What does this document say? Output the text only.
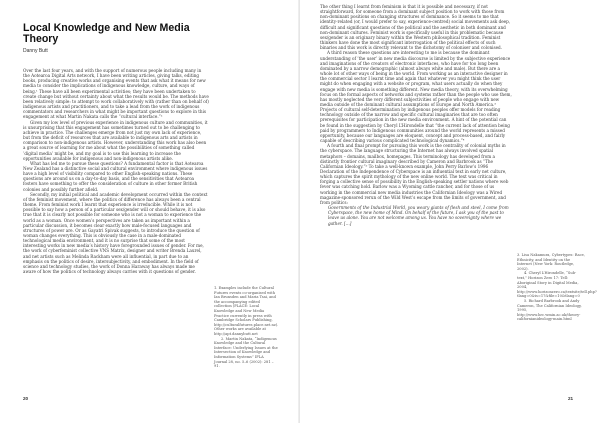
Local Knowledge and New Media Theory
Danny Butt

Over the last four years, and with the support of numerous people including many in the Aotearoa Digital Arts network, I have been writing articles, giving talks, editing books, producing creative works and organising events that ask what it means for new media to consider the implications of indigenous knowledge, culture, and ways of being.¹ These have all been experimental activities; they have been undertaken to create change but without certainty about what the results would be. The methods have been relatively simple: to attempt to work collaboratively with (rather than on behalf of) indigenous artists and practitioners, and to take a lead from the work of indigenous commentators and researchers in what might be important questions to explore in this engagement at what Martin Nakata calls the “cultural interface.”²

Given my low level of previous experience in indigenous culture and communities, it is unsurprising that this engagement has sometimes turned out to be challenging to achieve in practice. The challenges emerge from not just my own lack of experience, but from the deficit of resources that are available to indigenous arts and artists in comparison to non-indigenous artists. However, understanding this work has also been a great source of learning for me about what the possibilities of something called ‘digital media’ might be, and my goal is to use this learning to increase the opportunities available for indigenous and non-indigenous artists alike.

What has led me to pursue these questions? A fundamental factor is that Aotearoa New Zealand has a distinctive social and cultural environment where indigenous issues have a high level of visibility compared to other English-speaking nations. These questions are around us on a day-to-day basis, and the sensitivities that Aotearoa fosters have something to offer the consideration of culture in other former British colonies and possibly further afield.

Secondly, my initial political and academic development occurred within the context of the feminist movement, where the politics of difference has always been a central theme. From feminist work I learnt that experience is irreducible. While it is not possible to say how a person of a particular sex/gender will or should behave, it is also true that it is clearly not possible for someone who is not a woman to experience the world as a woman. Once women’s perspectives are taken as important within a particular discussion, it becomes clear exactly how male-focused languages and structures of power are. Or as Gayatri Spivak suggests, to introduce the question of woman changes everything. This is obviously the case in a male-dominated technological media environment, and it is no surprise that some of the most interesting works in new media’s history have foregrounded issues of gender. For me, the work of cyberfeminist collective VNS Matrix, designer and writer Brenda Laurel, and net artists such as Melinda Rackham were all influential, in part due to an emphasis on the politics of desire, intersubjectivity, and embodiment. In the field of science and technology studies, the work of Donna Haraway has always made me aware of how the politics of technology always carries with it questions of gender.

1. Examples include the Cultural Futures events co-organised with Ian Brunsden and Maria Tsai, and the accompanying edited collection (PLACE: Local Knowledge and New Media Practice currently in press with Cambridge Scholars Publishing, http://culturalfutures.place.net.nz). Other works are available at http://apt.dannybutt.net

2. Martin Nakata, “Indigenous Knowledge and the Cultural Interface: Underlying Issues at the Intersection of Knowledge and Information Systems” IFLA Journal 28, no. 5–6 (2002): 281 – 91.

20

The other thing I learnt from feminism is that it is possible and necessary, if not straightforward, for someone from a dominant subject position to work with those from non-dominant positions on changing structures of dominance. So it seems to me that identity-related (or, I would prefer to say, experience-centred) social movements ask deep, difficult and significant questions of the political and the aesthetic in both dominant and non-dominant cultures. Feminist work is specifically useful in this problematic because sex/gender is an originary binary within the Western philosophical tradition. Feminist thinkers have done the most significant interrogation of the political effects of such binaries and this work is directly relevant to the dichotomy of coloniser and colonised.

A third reason these questions are interesting to me is because the dominant understanding of ‘the user’ in new media discourse is limited by the subjective experience and imaginations of the creators of electronic interfaces, who have for too long been dominated by a narrow demographic (almost always white and male). But there are a whole lot of other ways of being in the world. From working as an interactive designer in the commercial sector I learnt time and again that whatever you might think the user might do when engaging with a website or program, what users actually do when they engage with new media is something different. New media theory, with its overwhelming focus on the formal aspects of networks and systems rather than the people who use them, has mostly neglected the very different subjectivities of people who engage with new media outside of the dominant cultural assumptions of Europe and North America.³ Projects of cultural self-determination by indigenous peoples offer models for reading technology outside of the narrow and specific cultural imaginaries that are too often prerequisites for participation in the new media environment. A hint of the potential can be found in the suggestion by Cheryl L’Hirondelle that “the current lack of attention being paid by programmers to Indigenous communities around the world represents a missed opportunity, because our languages are eloquent, concept and process-based, and fairly capable of describing various complicated technological dynamics.”⁴

A fourth and final prompt for pursuing this work is the centrality of colonial myths in the cyberspace. The language structuring the Internet has always involved spatial metaphors – domains, mailbox, homepages. This terminology has developed from a distinctly frontier cultural imaginary described by Cameron and Barbrook as “The Californian Ideology.”⁵ To take a well-known example, John Perry Barlow’s 1996 Declaration of the Independence of Cyberspace is an influential text in early net culture, which captures the spirit mythology of the new online world. The text was critical in forging a collective sense of possibility in the English-speaking settler nations where web fever was catching hold. Barlow was a Wyoming cattle rancher, and for those of us working in the commercial new media industries the Californian Ideology was a Wired magazine-sponsored rerun of the Wild West’s escape from the limits of government, and from politics:

Governments of the Industrial World, you weary giants of flesh and steel, I come from Cyberspace, the new home of Mind. On behalf of the future, I ask you of the past to leave us alone. You are not welcome among us. You have no sovereignty where we gather. […]

3. Lisa Nakamura, Cybertypes: Race, Ethnicity, and Identity on the Internet (New York: Routledge, 2002).

4. Cheryl L’Hirondelle, “Sub-text,” Horizon Zero 17: Tell: Aboriginal Story in Digital Media, 2004, http://www.horizonzero.ca/textsite/tell.php?tlang=0&is=17&file=10&tlang=0

5. Richard Barbrook and Andy Cameron, The Californian Ideology, 1995, http://www.hrc.wmin.ac.uk/theory-californianideology-main.html

21
